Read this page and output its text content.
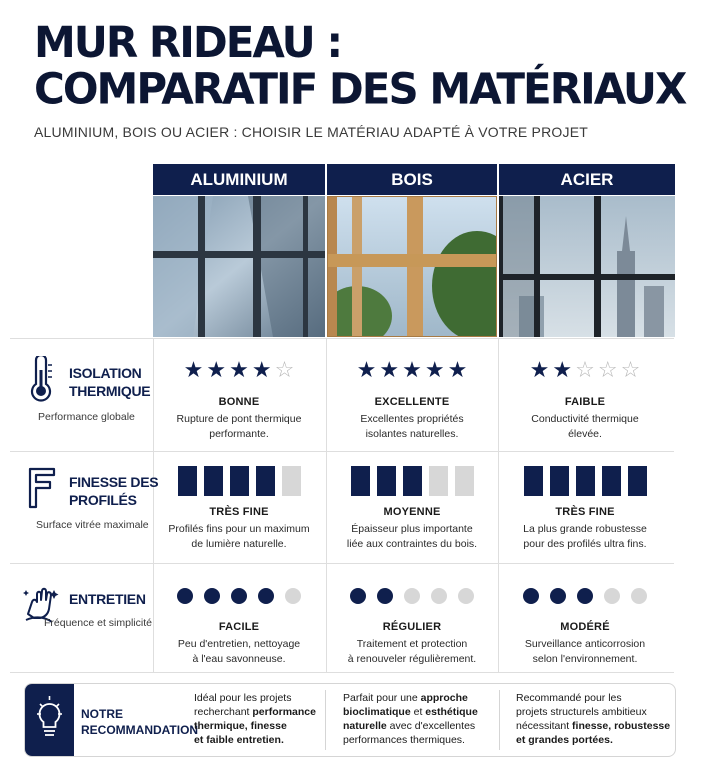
MUR RIDEAU :
COMPARATIF DES MATÉRIAUX
ALUMINIUM, BOIS OU ACIER : CHOISIR LE MATÉRIAU ADAPTÉ À VOTRE PROJET
ALUMINIUM	BOIS	ACIER
ISOLATION
THERMIQUE
Performance globale
FINESSE DES
PROFILÉS
Surface vitrée maximale
ENTRETIEN
Fréquence et simplicité
★ ★ ★ ★ ☆
BONNE
Rupture de pont thermique
performante.
★ ★ ★ ★ ★
EXCELLENTE
Excellentes propriétés
isolantes naturelles.
★ ★ ☆ ☆ ☆
FAIBLE
Conductivité thermique
élevée.
TRÈS FINE
Profilés fins pour un maximum
de lumière naturelle.
MOYENNE
Épaisseur plus importante
liée aux contraintes du bois.
TRÈS FINE
La plus grande robustesse
pour des profilés ultra fins.
FACILE
Peu d'entretien, nettoyage
à l'eau savonneuse.
RÉGULIER
Traitement et protection
à renouveler régulièrement.
MODÉRÉ
Surveillance anticorrosion
selon l'environnement.
NOTRE
RECOMMANDATION
Idéal pour les projets
recherchant performance
thermique, finesse
et faible entretien.
Parfait pour une approche
bioclimatique et esthétique
naturelle avec d'excellentes
performances thermiques.
Recommandé pour les
projets structurels ambitieux
nécessitant finesse, robustesse
et grandes portées.
